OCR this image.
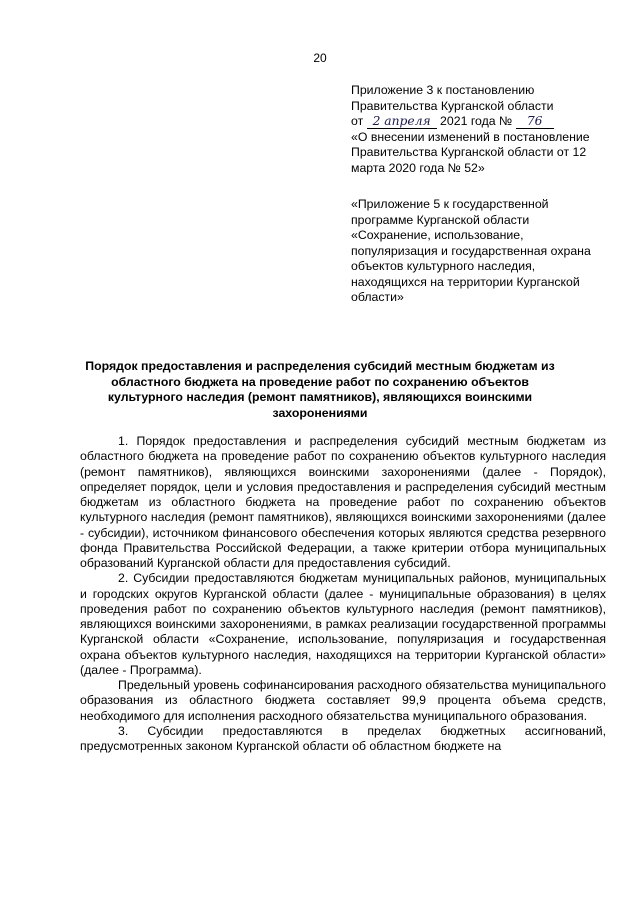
20
Приложение 3 к постановлению
Правительства Курганской области
от 2 апреля 2021 года № 76

«О внесении изменений в постановление Правительства Курганской области от 12 марта 2020 года № 52»

«Приложение 5 к государственной программе Курганской области «Сохранение, использование, популяризация и государственная охрана объектов культурного наследия, находящихся на территории Курганской области»

Порядок предоставления и распределения субсидий местным бюджетам из областного бюджета на проведение работ по сохранению объектов культурного наследия (ремонт памятников), являющихся воинскими захоронениями

1. Порядок предоставления и распределения субсидий местным бюджетам из областного бюджета на проведение работ по сохранению объектов культурного наследия (ремонт памятников), являющихся воинскими захоронениями (далее - Порядок), определяет порядок, цели и условия предоставления и распределения субсидий местным бюджетам из областного бюджета на проведение работ по сохранению объектов культурного наследия (ремонт памятников), являющихся воинскими захоронениями (далее - субсидии), источником финансового обеспечения которых являются средства резервного фонда Правительства Российской Федерации, а также критерии отбора муниципальных образований Курганской области для предоставления субсидий.

2. Субсидии предоставляются бюджетам муниципальных районов, муниципальных и городских округов Курганской области (далее - муниципальные образования) в целях проведения работ по сохранению объектов культурного наследия (ремонт памятников), являющихся воинскими захоронениями, в рамках реализации государственной программы Курганской области «Сохранение, использование, популяризация и государственная охрана объектов культурного наследия, находящихся на территории Курганской области» (далее - Программа).

Предельный уровень софинансирования расходного обязательства муниципального образования из областного бюджета составляет 99,9 процента объема средств, необходимого для исполнения расходного обязательства муниципального образования.

3. Субсидии предоставляются в пределах бюджетных ассигнований, предусмотренных законом Курганской области об областном бюджете на
